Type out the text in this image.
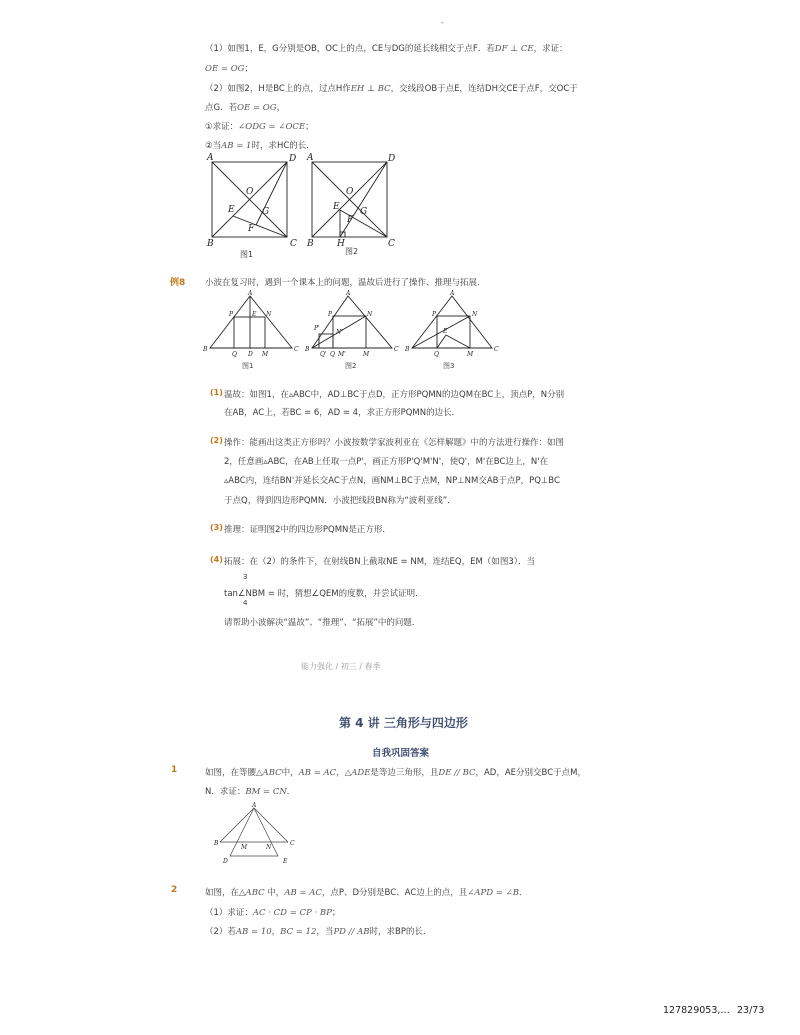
-
（1）如图1，E，G分别是OB，OC上的点，CE与DG的延长线相交于点F．若DF ⊥ CE，求证：
OE = OG；
（2）如图2，H是BC上的点，过点H作EH ⊥ BC，交线段OB于点E，连结DH交CE于点F，交OC于
点G．若OE = OG，
①求证：∠ODG = ∠OCE；
②当AB = 1时，求HC的长．
A	D
B	C
O
E	G
F
A	D
B	C
O
E G
F
H
图1	图2
例8 小波在复习时，遇到一个课本上的问题，温故后进行了操作、推理与拓展．
A
B	C
P	E N
Q D M
A
B	C
P'
P	N
N'
Q' Q M'	M
A
B	C
P	N
E
Q	M
图1	图2	图3
(1) 温故：如图1，在▵ABC中，AD⊥BC于点D，正方形PQMN的边QM在BC上，顶点P，N分别
在AB，AC上，若BC = 6，AD = 4，求正方形PQMN的边长．
(2) 操作：能画出这类正方形吗？小波按数学家波利亚在《怎样解题》中的方法进行操作：如图
2，任意画▵ABC，在AB上任取一点P'，画正方形P'Q'M'N'，使Q'，M'在BC边上，N'在
▵ABC内，连结BN'并延长交AC于点N，画NM⊥BC于点M，NP⊥NM交AB于点P，PQ⊥BC
于点Q，得到四边形PQMN．小波把线段BN称为“波利亚线”．
(3) 推理：证明图2中的四边形PQMN是正方形．
(4) 拓展：在（2）的条件下，在射线BN上截取NE = NM，连结EQ，EM（如图3）．当
3
tan∠NBM = 时，猜想∠QEM的度数，并尝试证明．
4
请帮助小波解决“温故”、“推理”、“拓展”中的问题．
能力强化 / 初三 / 春季
第 4 讲 三角形与四边形
自我巩固答案
1	如图，在等腰△ABC中，AB = AC，△ADE是等边三角形，且DE // BC，AD，AE分别交BC于点M，
N．求证：BM = CN．
A
B	C
M	N
D	E
2	如图，在△ABC 中，AB = AC，点P、D分别是BC、AC边上的点，且∠APD = ∠B．
（1）求证：AC · CD = CP · BP；
（2）若AB = 10，BC = 12，当PD // AB时，求BP的长．
127829053,… 23/73
